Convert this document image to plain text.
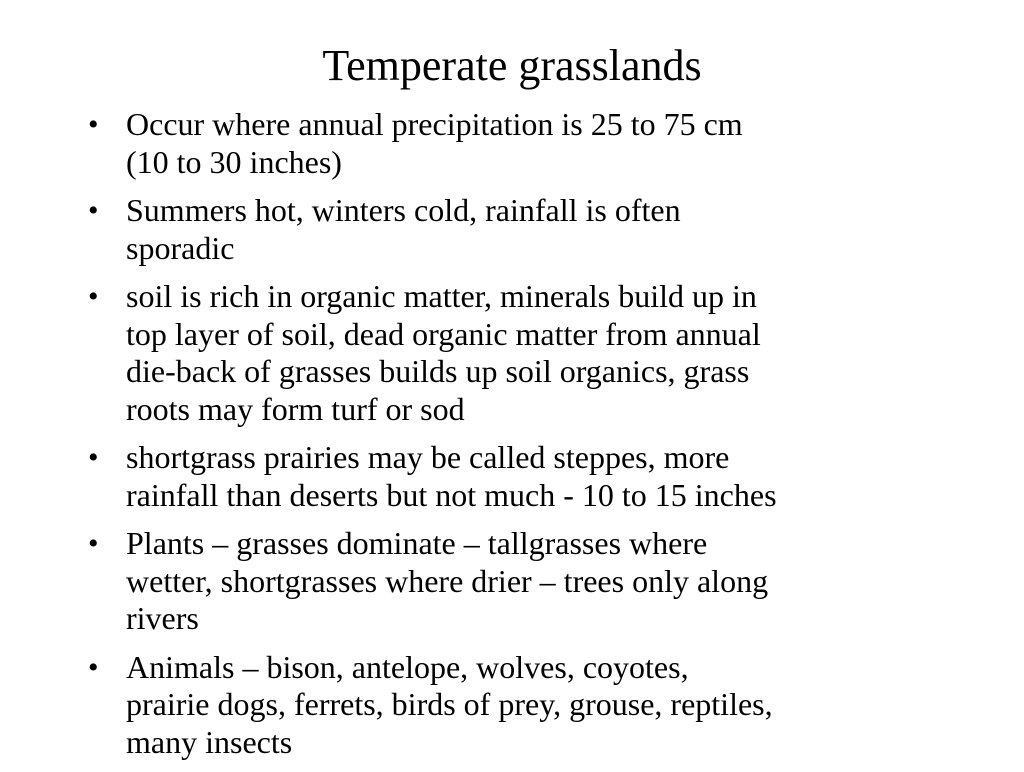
Temperate grasslands
• Occur where annual precipitation is 25 to 75 cm
(10 to 30 inches)
• Summers hot, winters cold, rainfall is often
sporadic
• soil is rich in organic matter, minerals build up in
top layer of soil, dead organic matter from annual
die-back of grasses builds up soil organics, grass
roots may form turf or sod
• shortgrass prairies may be called steppes, more
rainfall than deserts but not much - 10 to 15 inches
• Plants – grasses dominate – tallgrasses where
wetter, shortgrasses where drier – trees only along
rivers
• Animals – bison, antelope, wolves, coyotes,
prairie dogs, ferrets, birds of prey, grouse, reptiles,
many insects
